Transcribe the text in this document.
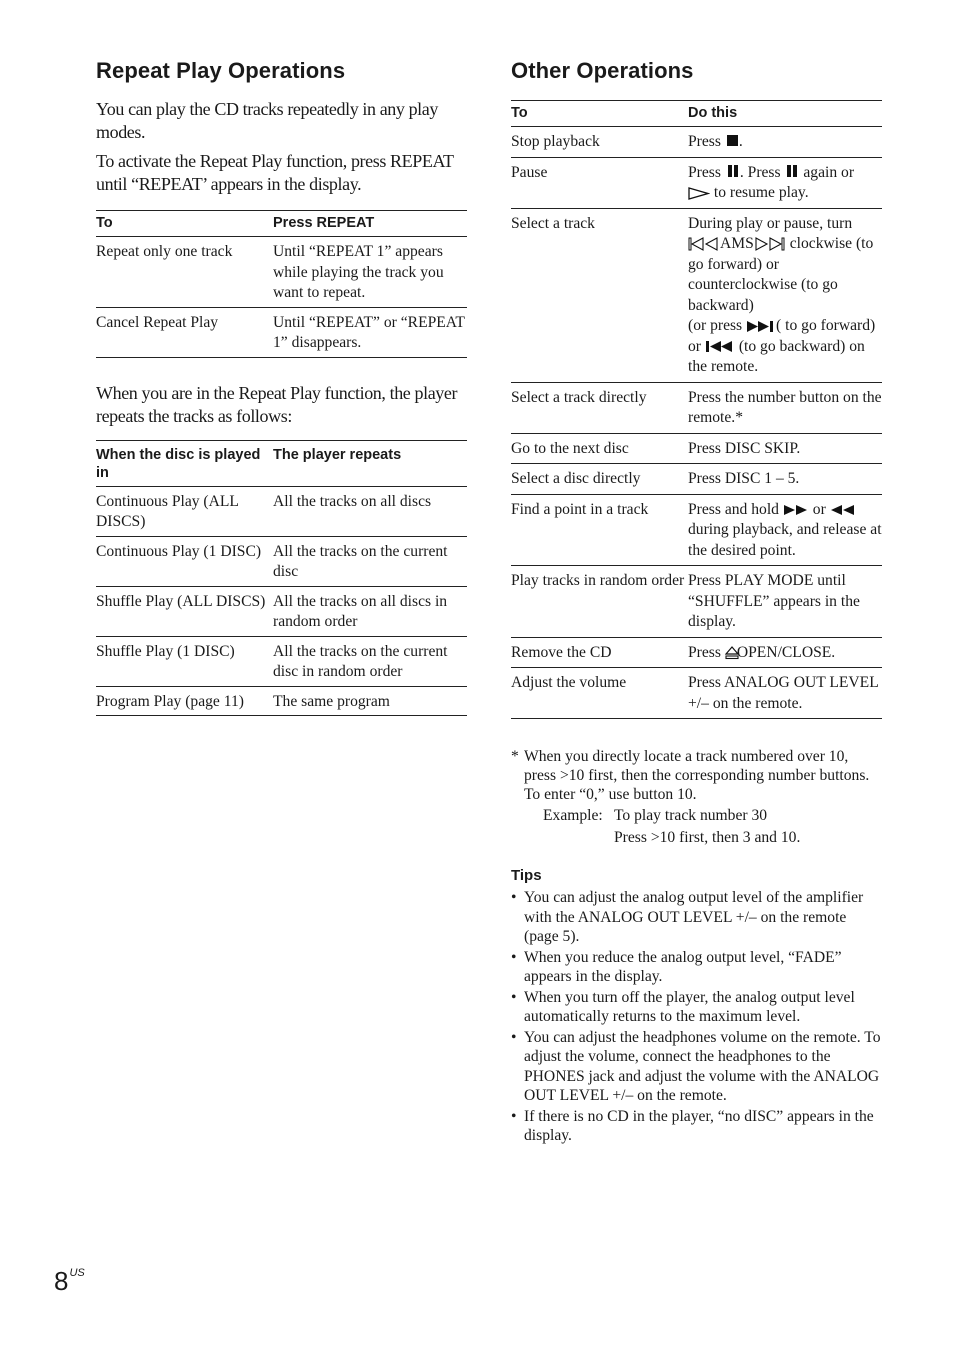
Repeat Play Operations

You can play the CD tracks repeatedly in any play modes.

To activate the Repeat Play function, press REPEAT until “REPEAT’ appears in the display.

To	Press REPEAT
Repeat only one track	Until “REPEAT 1” appears while playing the track you want to repeat.
Cancel Repeat Play	Until “REPEAT” or “REPEAT 1” disappears.

When you are in the Repeat Play function, the player repeats the tracks as follows:

When the disc is played in	The player repeats
Continuous Play (ALL DISCS)	All the tracks on all discs
Continuous Play (1 DISC)	All the tracks on the current disc
Shuffle Play (ALL DISCS)	All the tracks on all discs in random order
Shuffle Play (1 DISC)	All the tracks on the current disc in random order
Program Play (page 11)	The same program
Other Operations
To	Do this
Stop playback	Press .
Pause	Press . Press again or
to resume play.
Select a track	During play or pause, turn
AMS clockwise (to go forward) or counterclockwise (to go backward)
(or press ( to go forward) or (to go backward) on the remote.
Select a track directly	Press the number button on the remote.*
Go to the next disc	Press DISC SKIP.
Select a disc directly	Press DISC 1 – 5.
Find a point in a track	Press and hold or
during playback, and release at the desired point.
Play tracks in random order	Press PLAY MODE until “SHUFFLE” appears in the display.
Remove the CD	Press OPEN/CLOSE.
Adjust the volume	Press ANALOG OUT LEVEL +/– on the remote.
* When you directly locate a track numbered over 10, press >10 first, then the corresponding number buttons. To enter “0,” use button 10.
Example: To play track number 30
Press >10 first, then 3 and 10.
Tips
• You can adjust the analog output level of the amplifier with the ANALOG OUT LEVEL +/– on the remote (page 5).
• When you reduce the analog output level, “FADE” appears in the display.
• When you turn off the player, the analog output level automatically returns to the maximum level.
• You can adjust the headphones volume on the remote. To adjust the volume, connect the headphones to the PHONES jack and adjust the volume with the ANALOG OUT LEVEL +/– on the remote.
• If there is no CD in the player, “no dISC” appears in the display.
$8^{US}$
